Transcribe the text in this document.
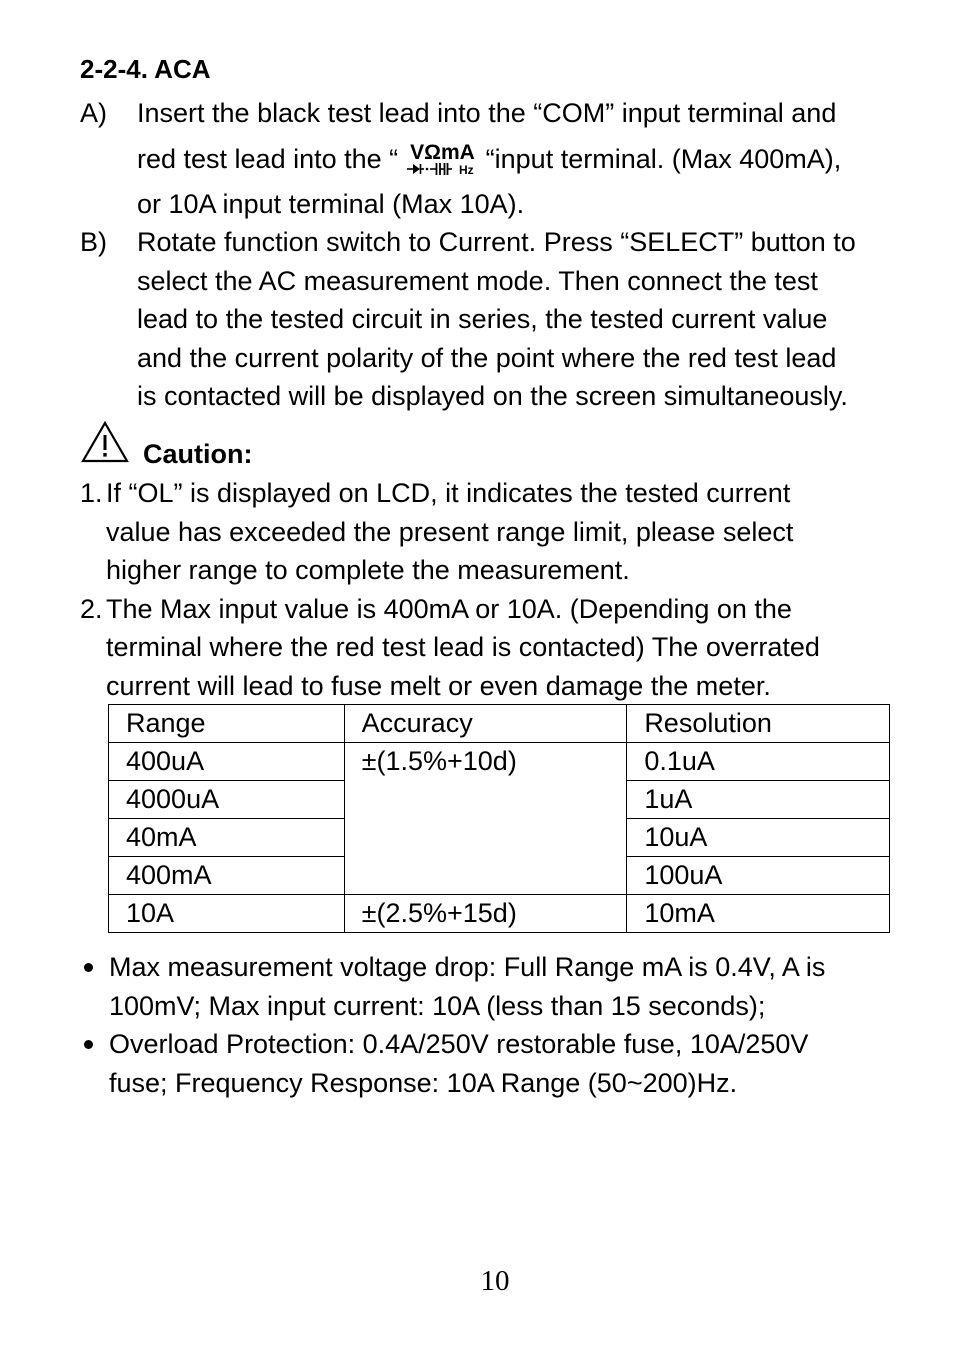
2-2-4. ACA
A)	Insert the black test lead into the “COM” input terminal and
red test lead into the “ VΩmA
Hz “input terminal. (Max 400mA),
or 10A input terminal (Max 10A).
B)	Rotate function switch to Current. Press “SELECT” button to
select the AC measurement mode. Then connect the test
lead to the tested circuit in series, the tested current value
and the current polarity of the point where the red test lead
is contacted will be displayed on the screen simultaneously.
Caution:
1. If “OL” is displayed on LCD, it indicates the tested current
value has exceeded the present range limit, please select
higher range to complete the measurement.
2. The Max input value is 400mA or 10A. (Depending on the
terminal where the red test lead is contacted) The overrated
current will lead to fuse melt or even damage the meter.
Range	Accuracy	Resolution
400uA	±(1.5%+10d)	0.1uA
4000uA		1uA
40mA		10uA
400mA		100uA
10A	±(2.5%+15d)	10mA
Max measurement voltage drop: Full Range mA is 0.4V, A is
100mV; Max input current: 10A (less than 15 seconds);
Overload Protection: 0.4A/250V restorable fuse, 10A/250V
fuse; Frequency Response: 10A Range (50~200)Hz.
10
